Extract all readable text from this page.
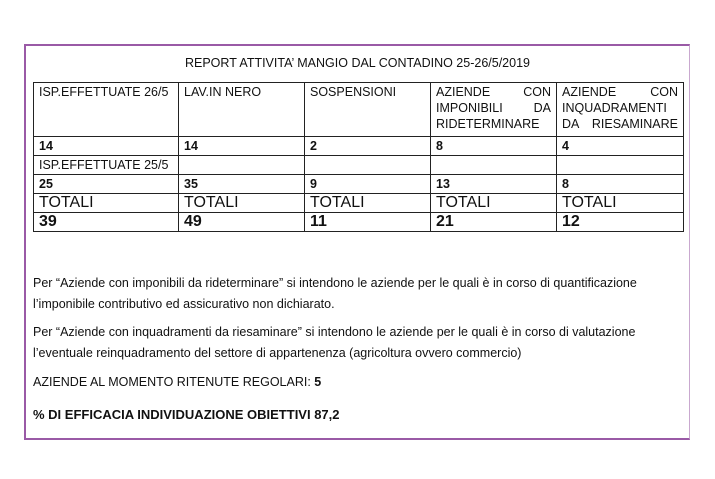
REPORT ATTIVITA’ MANGIO DAL CONTADINO 25-26/5/2019
ISP.EFFETTUATE 26/5	LAV.IN NERO	SOSPENSIONI	AZIENDE CON IMPONIBILI DA RIDETERMINARE	AZIENDE CON INQUADRAMENTI DA RIESAMINARE
14	14	2	8	4
ISP.EFFETTUATE 25/5				
25	35	9	13	8
TOTALI	TOTALI	TOTALI	TOTALI	TOTALI
39	49	11	21	12
Per “Aziende con imponibili da rideterminare” si intendono le aziende per le quali è in corso di quantificazione l’imponibile contributivo ed assicurativo non dichiarato.
Per “Aziende con inquadramenti da riesaminare” si intendono le aziende per le quali è in corso di valutazione l’eventuale reinquadramento del settore di appartenenza (agricoltura ovvero commercio)
AZIENDE AL MOMENTO RITENUTE REGOLARI: 5
% DI EFFICACIA INDIVIDUAZIONE OBIETTIVI 87,2
